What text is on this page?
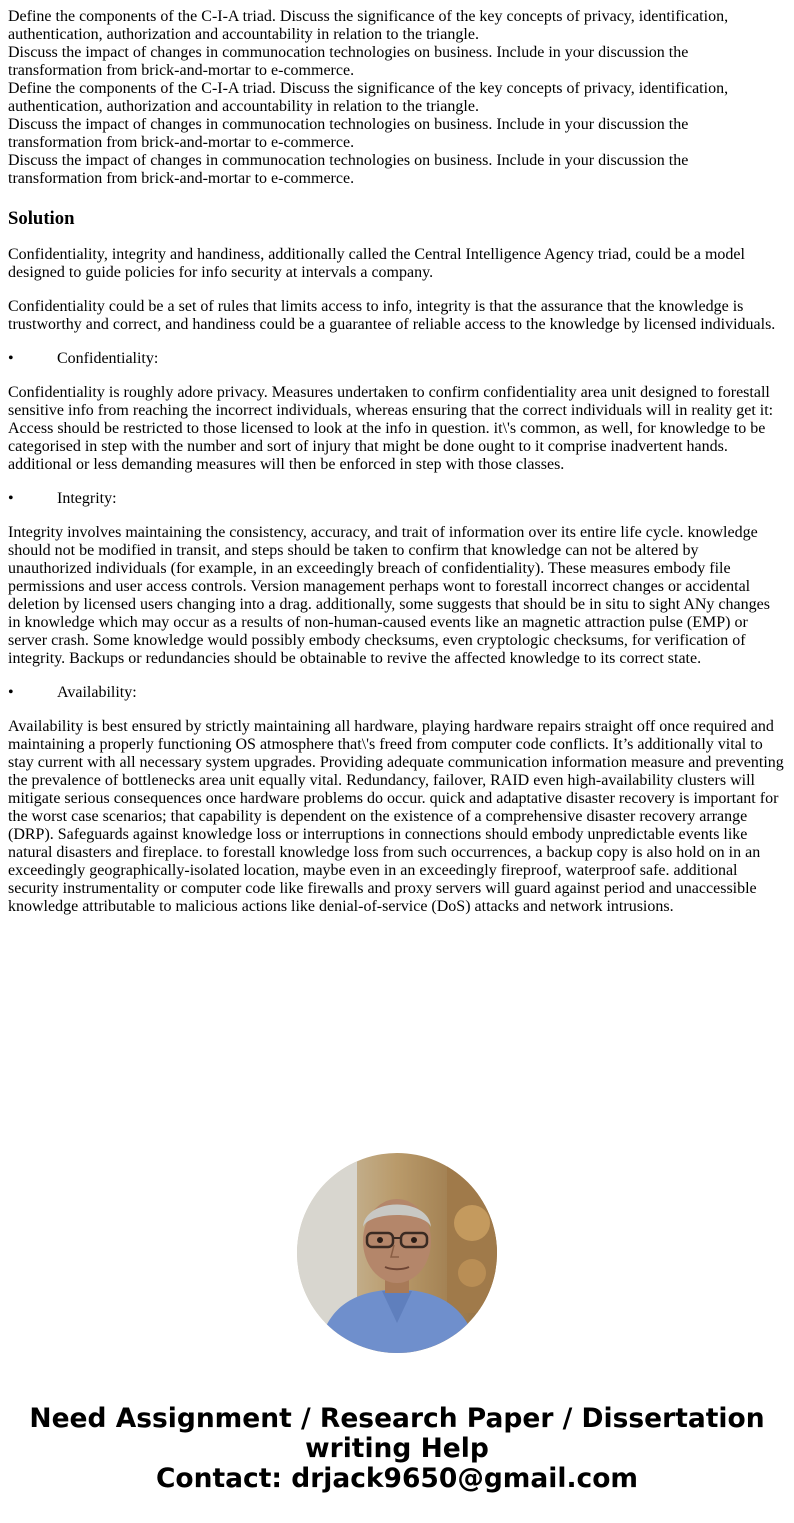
Define the components of the C-I-A triad. Discuss the significance of the key concepts of privacy, identification, authentication, authorization and accountability in relation to the triangle.
Discuss the impact of changes in communocation technologies on business. Include in your discussion the transformation from brick-and-mortar to e-commerce.
Define the components of the C-I-A triad. Discuss the significance of the key concepts of privacy, identification, authentication, authorization and accountability in relation to the triangle.
Discuss the impact of changes in communocation technologies on business. Include in your discussion the transformation from brick-and-mortar to e-commerce.
Discuss the impact of changes in communocation technologies on business. Include in your discussion the transformation from brick-and-mortar to e-commerce.
Solution

Confidentiality, integrity and handiness, additionally called the Central Intelligence Agency triad, could be a model designed to guide policies for info security at intervals a company.

Confidentiality could be a set of rules that limits access to info, integrity is that the assurance that the knowledge is trustworthy and correct, and handiness could be a guarantee of reliable access to the knowledge by licensed individuals.

•	Confidentiality:

Confidentiality is roughly adore privacy. Measures undertaken to confirm confidentiality area unit designed to forestall sensitive info from reaching the incorrect individuals, whereas ensuring that the correct individuals will in reality get it: Access should be restricted to those licensed to look at the info in question. it\'s common, as well, for knowledge to be categorised in step with the number and sort of injury that might be done ought to it comprise inadvertent hands. additional or less demanding measures will then be enforced in step with those classes.

•	Integrity:

Integrity involves maintaining the consistency, accuracy, and trait of information over its entire life cycle. knowledge should not be modified in transit, and steps should be taken to confirm that knowledge can not be altered by unauthorized individuals (for example, in an exceedingly breach of confidentiality). These measures embody file permissions and user access controls. Version management perhaps wont to forestall incorrect changes or accidental deletion by licensed users changing into a drag. additionally, some suggests that should be in situ to sight ANy changes in knowledge which may occur as a results of non-human-caused events like an magnetic attraction pulse (EMP) or server crash. Some knowledge would possibly embody checksums, even cryptologic checksums, for verification of integrity. Backups or redundancies should be obtainable to revive the affected knowledge to its correct state.

•	Availability:

Availability is best ensured by strictly maintaining all hardware, playing hardware repairs straight off once required and maintaining a properly functioning OS atmosphere that\'s freed from computer code conflicts. It’s additionally vital to stay current with all necessary system upgrades. Providing adequate communication information measure and preventing the prevalence of bottlenecks area unit equally vital. Redundancy, failover, RAID even high-availability clusters will mitigate serious consequences once hardware problems do occur. quick and adaptative disaster recovery is important for the worst case scenarios; that capability is dependent on the existence of a comprehensive disaster recovery arrange (DRP). Safeguards against knowledge loss or interruptions in connections should embody unpredictable events like natural disasters and fireplace. to forestall knowledge loss from such occurrences, a backup copy is also hold on in an exceedingly geographically-isolated location, maybe even in an exceedingly fireproof, waterproof safe. additional security instrumentality or computer code like firewalls and proxy servers will guard against period and unaccessible knowledge attributable to malicious actions like denial-of-service (DoS) attacks and network intrusions.

Need Assignment / Research Paper / Dissertation writing Help
Contact: drjack9650@gmail.com
